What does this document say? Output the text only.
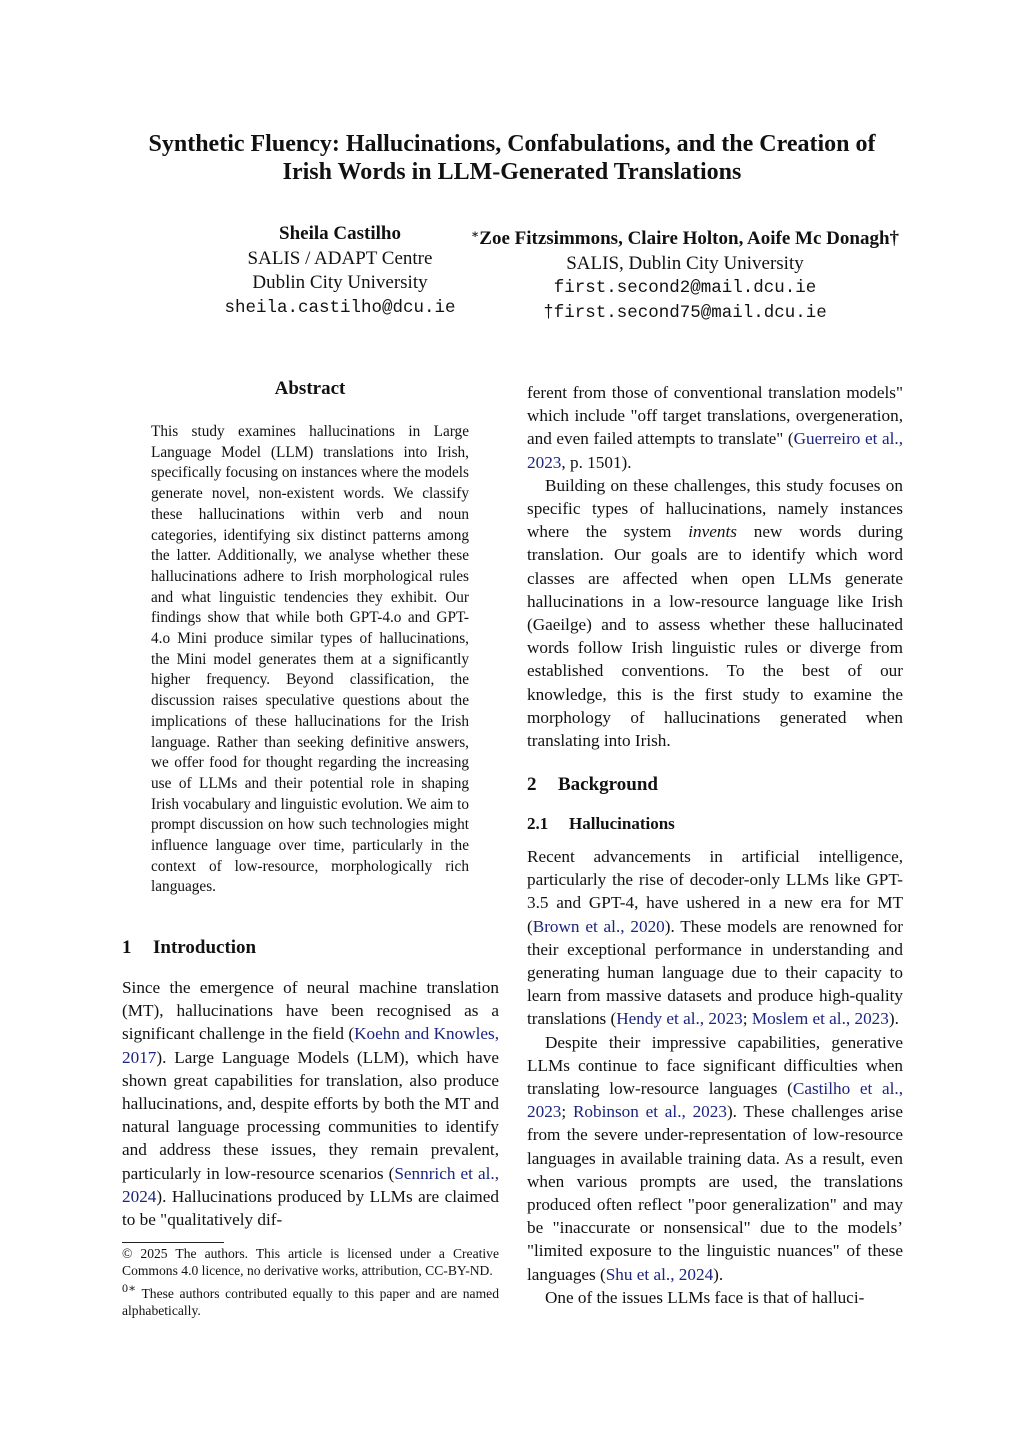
Synthetic Fluency: Hallucinations, Confabulations, and the Creation of
Irish Words in LLM-Generated Translations
Sheila Castilho
SALIS / ADAPT Centre
Dublin City University
sheila.castilho@dcu.ie
∗Zoe Fitzsimmons, Claire Holton, Aoife Mc Donagh†
SALIS, Dublin City University
first.second2@mail.dcu.ie
†first.second75@mail.dcu.ie
Abstract
This study examines hallucinations in Large Language Model (LLM) translations into Irish, specifically focusing on instances where the models generate novel, non-existent words. We classify these hallucinations within verb and noun categories, identifying six distinct patterns among the latter. Additionally, we analyse whether these hallucinations adhere to Irish morphological rules and what linguistic tendencies they exhibit. Our findings show that while both GPT-4.o and GPT-4.o Mini produce similar types of hallucinations, the Mini model generates them at a significantly higher frequency. Beyond classification, the discussion raises speculative questions about the implications of these hallucinations for the Irish language. Rather than seeking definitive answers, we offer food for thought regarding the increasing use of LLMs and their potential role in shaping Irish vocabulary and linguistic evolution. We aim to prompt discussion on how such technologies might influence language over time, particularly in the context of low-resource, morphologically rich languages.
1 Introduction

Since the emergence of neural machine translation (MT), hallucinations have been recognised as a significant challenge in the field (Koehn and Knowles, 2017). Large Language Models (LLM), which have shown great capabilities for translation, also produce hallucinations, and, despite efforts by both the MT and natural language processing communities to identify and address these issues, they remain prevalent, particularly in low-resource scenarios (Sennrich et al., 2024). Hallucinations produced by LLMs are claimed to be "qualitatively dif-

© 2025 The authors. This article is licensed under a Creative Commons 4.0 licence, no derivative works, attribution, CC-BY-ND.

$^{0∗}$ These authors contributed equally to this paper and are named alphabetically.

ferent from those of conventional translation models" which include "off target translations, overgeneration, and even failed attempts to translate" (Guerreiro et al., 2023, p. 1501).

Building on these challenges, this study focuses on specific types of hallucinations, namely instances where the system invents new words during translation. Our goals are to identify which word classes are affected when open LLMs generate hallucinations in a low-resource language like Irish (Gaeilge) and to assess whether these hallucinated words follow Irish linguistic rules or diverge from established conventions. To the best of our knowledge, this is the first study to examine the morphology of hallucinations generated when translating into Irish.

2 Background
2.1 Hallucinations

Recent advancements in artificial intelligence, particularly the rise of decoder-only LLMs like GPT-3.5 and GPT-4, have ushered in a new era for MT (Brown et al., 2020). These models are renowned for their exceptional performance in understanding and generating human language due to their capacity to learn from massive datasets and produce high-quality translations (Hendy et al., 2023; Moslem et al., 2023).

Despite their impressive capabilities, generative LLMs continue to face significant difficulties when translating low-resource languages (Castilho et al., 2023; Robinson et al., 2023). These challenges arise from the severe under-representation of low-resource languages in available training data. As a result, even when various prompts are used, the translations produced often reflect "poor generalization" and may be "inaccurate or nonsensical" due to the models’ "limited exposure to the linguistic nuances" of these languages (Shu et al., 2024).

One of the issues LLMs face is that of halluci-
